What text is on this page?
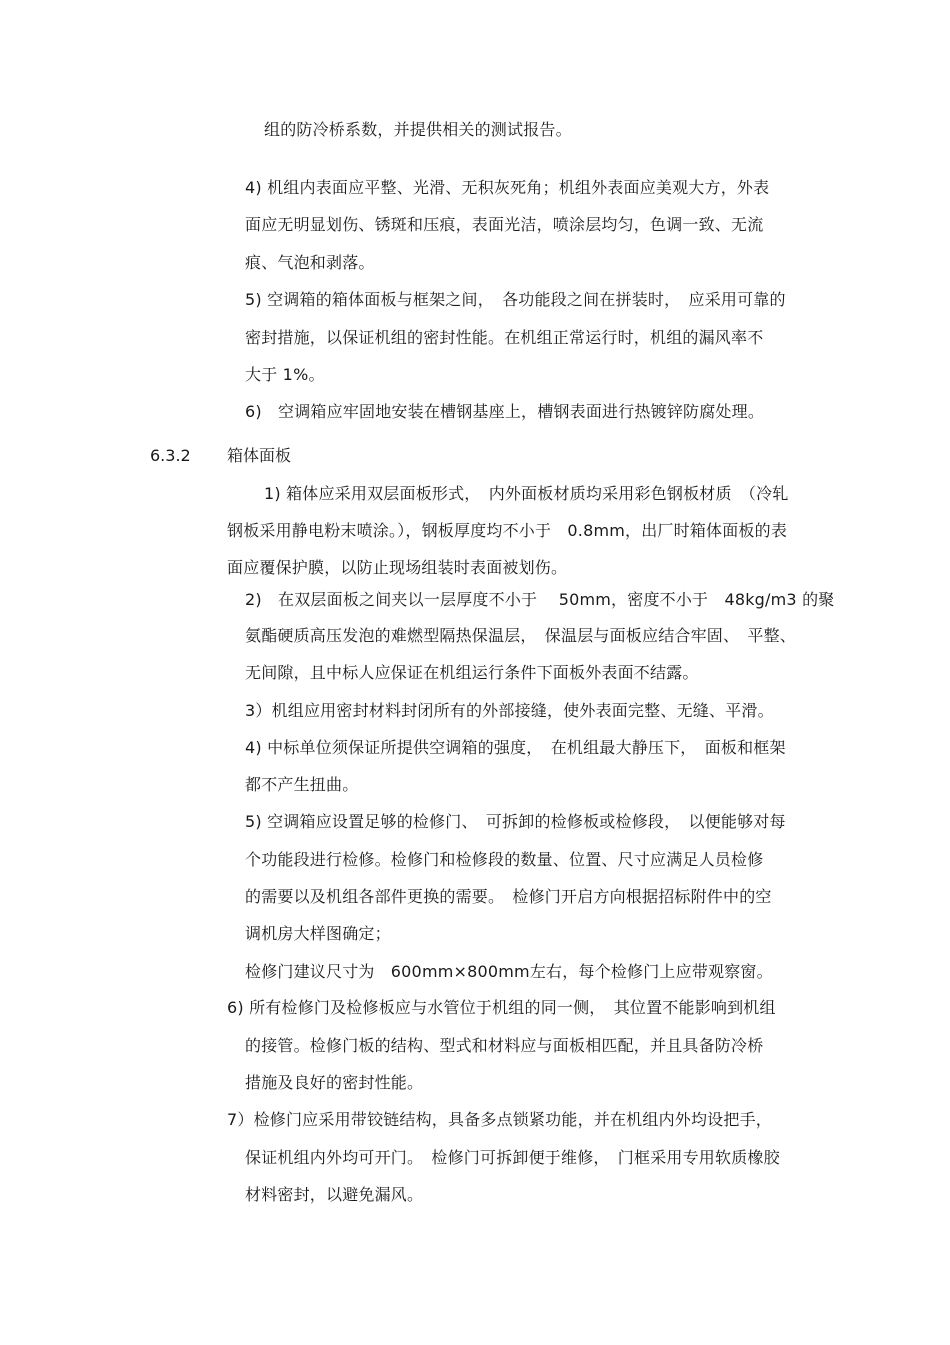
组的防冷桥系数，并提供相关的测试报告。
4) 机组内表面应平整、光滑、无积灰死角；机组外表面应美观大方，外表
面应无明显划伤、锈斑和压痕，表面光洁，喷涂层均匀，色调一致、无流
痕、气泡和剥落。
5) 空调箱的箱体面板与框架之间，　各功能段之间在拼装时，　应采用可靠的
密封措施，以保证机组的密封性能。在机组正常运行时，机组的漏风率不
大于 1%。
6)　空调箱应牢固地安装在槽钢基座上，槽钢表面进行热镀锌防腐处理。
6.3.2 箱体面板
1) 箱体应采用双层面板形式，　内外面板材质均采用彩色钢板材质　（冷轧
钢板采用静电粉末喷涂。），钢板厚度均不小于　0.8mm，出厂时箱体面板的表
面应覆保护膜，以防止现场组装时表面被划伤。
2)　在双层面板之间夹以一层厚度不小于　 50mm，密度不小于　48kg/m3 的聚
氨酯硬质高压发泡的难燃型隔热保温层，　保温层与面板应结合牢固、　平整、
无间隙，且中标人应保证在机组运行条件下面板外表面不结露。
3）机组应用密封材料封闭所有的外部接缝，使外表面完整、无缝、平滑。
4) 中标单位须保证所提供空调箱的强度，　在机组最大静压下，　面板和框架
都不产生扭曲。
5) 空调箱应设置足够的检修门、　可拆卸的检修板或检修段，　以便能够对每
个功能段进行检修。检修门和检修段的数量、位置、尺寸应满足人员检修
的需要以及机组各部件更换的需要。　检修门开启方向根据招标附件中的空
调机房大样图确定；
检修门建议尺寸为　600mm×800mm左右，每个检修门上应带观察窗。
6) 所有检修门及检修板应与水管位于机组的同一侧，　其位置不能影响到机组
的接管。检修门板的结构、型式和材料应与面板相匹配，并且具备防冷桥
措施及良好的密封性能。
7）检修门应采用带铰链结构，具备多点锁紧功能，并在机组内外均设把手，
保证机组内外均可开门。　检修门可拆卸便于维修，　门框采用专用软质橡胶
材料密封，以避免漏风。
